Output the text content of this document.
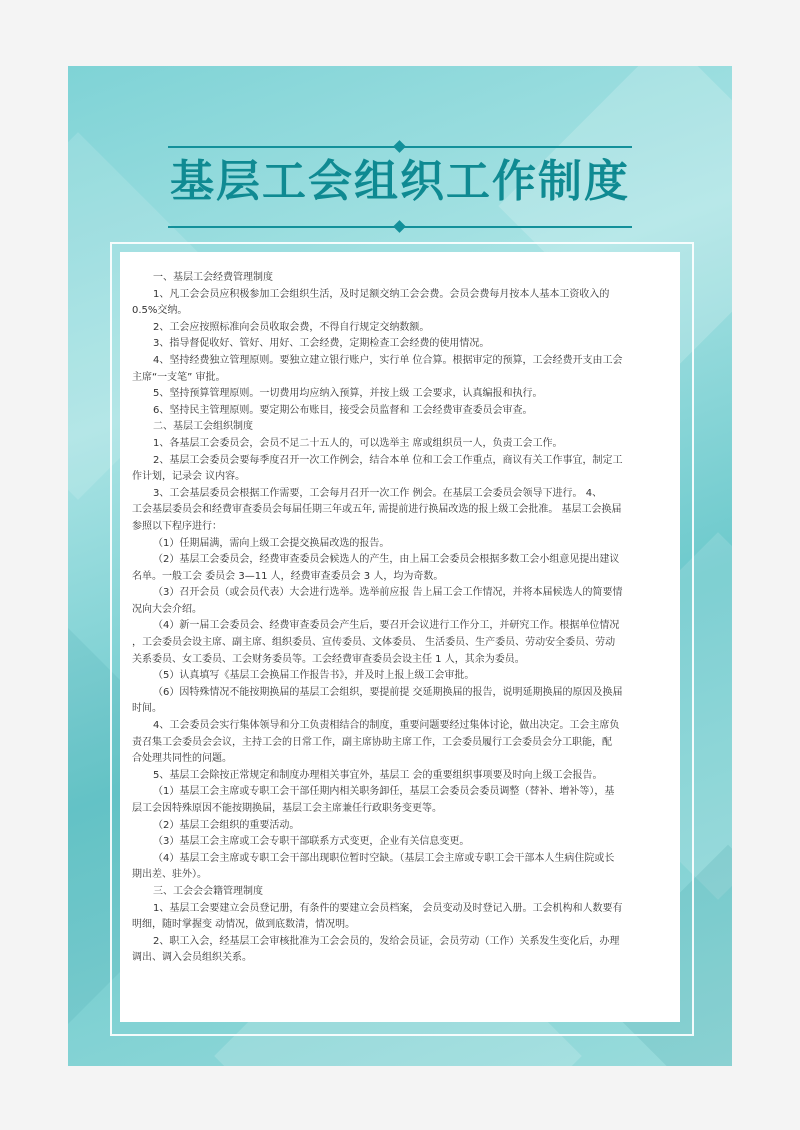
基层工会组织工作制度

一、基层工会经费管理制度

1、凡工会会员应积极参加工会组织生活，及时足额交纳工会会费。会员会费每月按本人基本工资收入的

0.5%交纳。

2、工会应按照标准向会员收取会费，不得自行规定交纳数额。

3、指导督促收好、管好、用好、工会经费，定期检查工会经费的使用情况。

4、坚持经费独立管理原则。要独立建立银行账户，实行单 位合算。根据审定的预算，工会经费开支由工会

主席“一支笔” 审批。

5、坚持预算管理原则。一切费用均应纳入预算，并按上级 工会要求，认真编报和执行。

6、坚持民主管理原则。要定期公布账目，接受会员监督和 工会经费审查委员会审查。

二、基层工会组织制度

1、各基层工会委员会，会员不足二十五人的，可以选举主 席或组织员一人，负责工会工作。

2、基层工会委员会要每季度召开一次工作例会，结合本单 位和工会工作重点，商议有关工作事宜，制定工

作计划，记录会 议内容。

3、工会基层委员会根据工作需要，工会每月召开一次工作 例会。在基层工会委员会领导下进行。 4、

工会基层委员会和经费审查委员会每届任期三年或五年, 需提前进行换届改选的报上级工会批准。 基层工会换届

参照以下程序进行：

（1）任期届满，需向上级工会提交换届改选的报告。

（2）基层工会委员会，经费审查委员会候选人的产生，由上届工会委员会根据多数工会小组意见提出建议

名单。一般工会 委员会 3—11 人，经费审查委员会 3 人，均为奇数。

（3）召开会员（或会员代表）大会进行选举。选举前应报 告上届工会工作情况，并将本届候选人的简要情

况向大会介绍。

（4）新一届工会委员会、经费审查委员会产生后，要召开会议进行工作分工，并研究工作。根据单位情况

，工会委员会设主席、副主席、组织委员、宣传委员、文体委员、 生活委员、生产委员、劳动安全委员、劳动

关系委员、女工委员、工会财务委员等。工会经费审查委员会设主任 1 人，其余为委员。

（5）认真填写《基层工会换届工作报告书》，并及时上报上级工会审批。

（6）因特殊情况不能按期换届的基层工会组织，要提前提 交延期换届的报告，说明延期换届的原因及换届

时间。

4、工会委员会实行集体领导和分工负责相结合的制度，重要问题要经过集体讨论，做出决定。工会主席负

责召集工会委员会会议，主持工会的日常工作，副主席协助主席工作，工会委员履行工会委员会分工职能，配

合处理共同性的问题。

5、基层工会除按正常规定和制度办理相关事宜外，基层工 会的重要组织事项要及时向上级工会报告。

（1）基层工会主席或专职工会干部任期内相关职务卸任，基层工会委员会委员调整（替补、增补等），基

层工会因特殊原因不能按期换届，基层工会主席兼任行政职务变更等。

（2）基层工会组织的重要活动。

（3）基层工会主席或工会专职干部联系方式变更，企业有关信息变更。

（4）基层工会主席或专职工会干部出现职位暂时空缺。（基层工会主席或专职工会干部本人生病住院或长

期出差、驻外）。

三、工会会会籍管理制度

1、基层工会要建立会员登记册，有条件的要建立会员档案， 会员变动及时登记入册。工会机构和人数要有

明细，随时掌握变 动情况，做到底数清，情况明。

2、职工入会，经基层工会审核批准为工会会员的，发给会员证，会员劳动（工作）关系发生变化后，办理

调出、调入会员组织关系。
